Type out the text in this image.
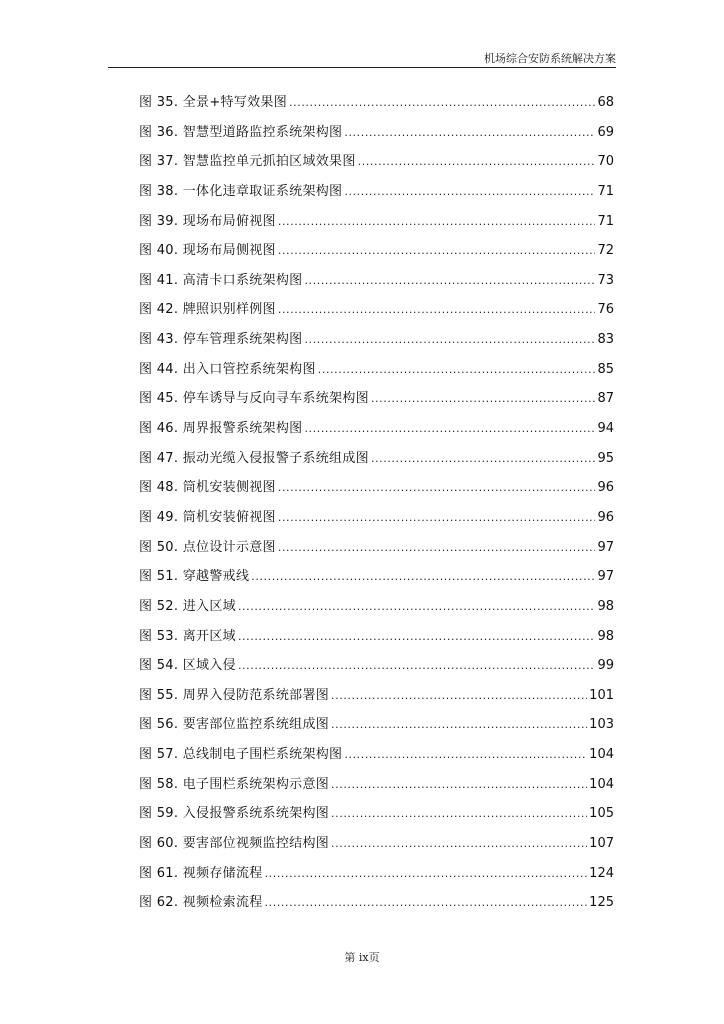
机场综合安防系统解决方案
图 35. 全景+特写效果图 .....	68
图 36. 智慧型道路监控系统架构图 .....	69
图 37. 智慧监控单元抓拍区域效果图 .....	70
图 38. 一体化违章取证系统架构图 .....	71
图 39. 现场布局俯视图 .....	71
图 40. 现场布局侧视图 .....	72
图 41. 高清卡口系统架构图 .....	73
图 42. 牌照识别样例图 .....	76
图 43. 停车管理系统架构图 .....	83
图 44. 出入口管控系统架构图 .....	85
图 45. 停车诱导与反向寻车系统架构图 .....	87
图 46. 周界报警系统架构图 .....	94
图 47. 振动光缆入侵报警子系统组成图 .....	95
图 48. 筒机安装侧视图 .....	96
图 49. 筒机安装俯视图 .....	96
图 50. 点位设计示意图 .....	97
图 51. 穿越警戒线 .....	97
图 52. 进入区域 .....	98
图 53. 离开区域 .....	98
图 54. 区域入侵 .....	99
图 55. 周界入侵防范系统部署图 .....	101
图 56. 要害部位监控系统组成图 .....	103
图 57. 总线制电子围栏系统架构图 .....	104
图 58. 电子围栏系统架构示意图 .....	104
图 59. 入侵报警系统系统架构图 .....	105
图 60. 要害部位视频监控结构图 .....	107
图 61. 视频存储流程 .....	124
图 62. 视频检索流程 .....	125
第 ix页
